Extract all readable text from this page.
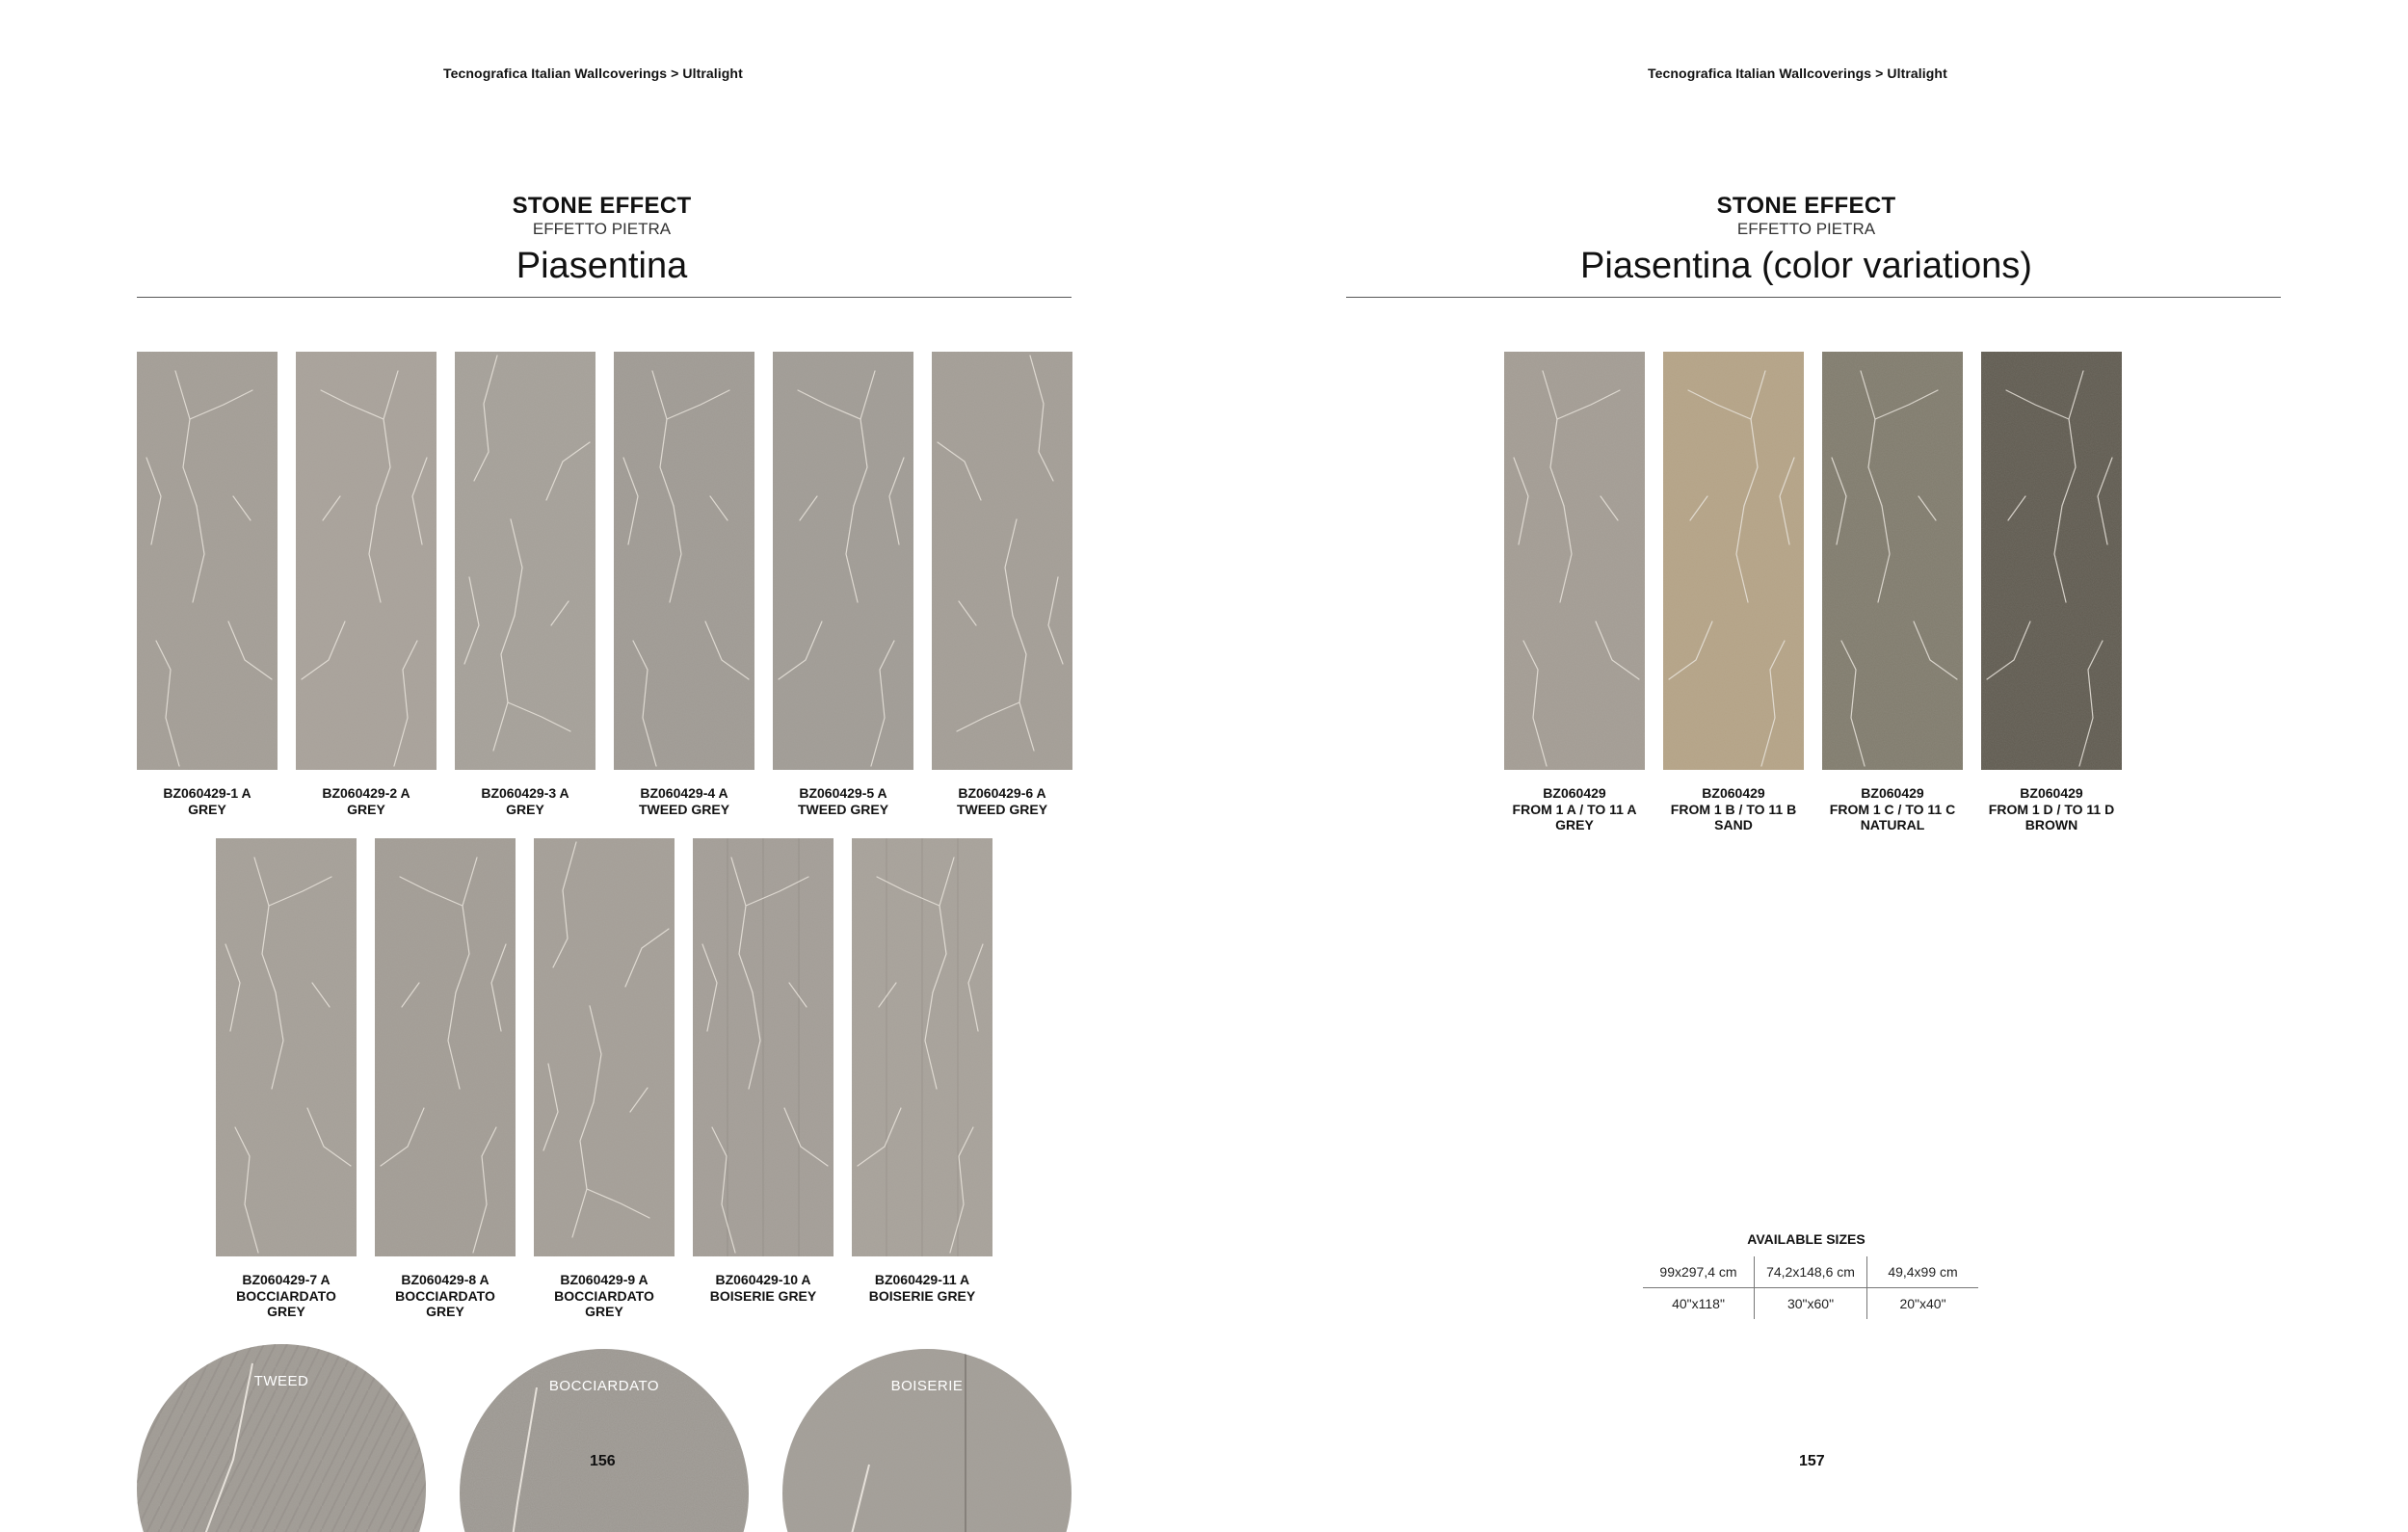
Tecnografica Italian Wallcoverings > Ultralight
STONE EFFECT
EFFETTO PIETRA
Piasentina
BZ060429-1 A
GREY
BZ060429-2 A
GREY
BZ060429-3 A
GREY
BZ060429-4 A
TWEED GREY
BZ060429-5 A
TWEED GREY
BZ060429-6 A
TWEED GREY
BZ060429-7 A
BOCCIARDATO
GREY
BZ060429-8 A
BOCCIARDATO
GREY
BZ060429-9 A
BOCCIARDATO
GREY
BZ060429-10 A
BOISERIE GREY
BZ060429-11 A
BOISERIE GREY
TWEED	BOCCIARDATO	BOISERIE
156
Tecnografica Italian Wallcoverings > Ultralight
STONE EFFECT
EFFETTO PIETRA
Piasentina (color variations)
BZ060429
FROM 1 A / TO 11 A
GREY
BZ060429
FROM 1 B / TO 11 B
SAND
BZ060429
FROM 1 C / TO 11 C
NATURAL
BZ060429
FROM 1 D / TO 11 D
BROWN
AVAILABLE SIZES
99x297,4 cm	74,2x148,6 cm	49,4x99 cm
40"x118"	30"x60"	20"x40"
157
